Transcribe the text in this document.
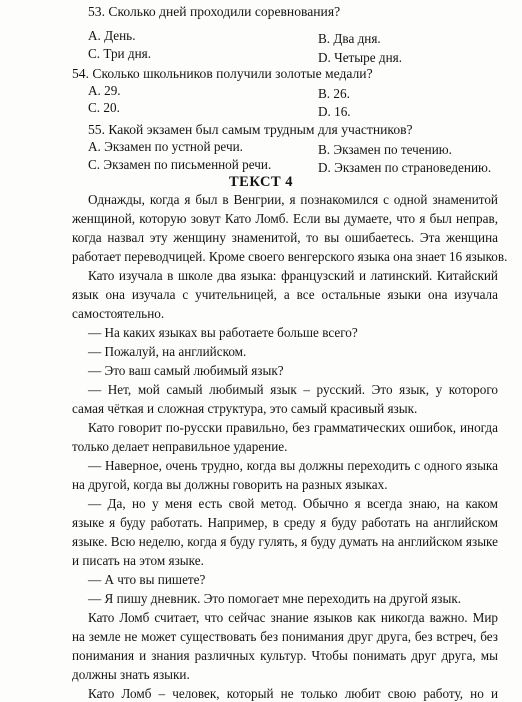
53. Сколько дней проходили соревнования?
A. День.	B. Два дня.
C. Три дня.	D. Четыре дня.
54. Сколько школьников получили золотые медали?
A. 29.	B. 26.
C. 20.	D. 16.
55. Какой экзамен был самым трудным для участников?
A. Экзамен по устной речи.	B. Экзамен по течению.
C. Экзамен по письменной речи.	D. Экзамен по страноведению.
ТЕКСТ 4
Однажды, когда я был в Венгрии, я познакомился с одной знаменитой
женщиной, которую зовут Като Ломб. Если вы думаете, что я был неправ,
когда назвал эту женщину знаменитой, то вы ошибаетесь. Эта женщина
работает переводчицей. Кроме своего венгерского языка она знает 16 языков.
Като изучала в школе два языка: французский и латинский. Китайский
язык она изучала с учительницей, а все остальные языки она изучала
самостоятельно.
— На каких языках вы работаете больше всего?
— Пожалуй, на английском.
— Это ваш самый любимый язык?
— Нет, мой самый любимый язык – русский. Это язык, у которого
самая чёткая и сложная структура, это самый красивый язык.
Като говорит по-русски правильно, без грамматических ошибок, иногда
только делает неправильное ударение.
— Наверное, очень трудно, когда вы должны переходить с одного языка
на другой, когда вы должны говорить на разных языках.
— Да, но у меня есть свой метод. Обычно я всегда знаю, на каком
языке я буду работать. Например, в среду я буду работать на английском
языке. Всю неделю, когда я буду гулять, я буду думать на английском языке
и писать на этом языке.
— А что вы пишете?
— Я пишу дневник. Это помогает мне переходить на другой язык.
Като Ломб считает, что сейчас знание языков как никогда важно. Мир
на земле не может существовать без понимания друг друга, без встреч, без
понимания и знания различных культур. Чтобы понимать друг друга, мы
должны знать языки.
Като Ломб – человек, который не только любит свою работу, но и
